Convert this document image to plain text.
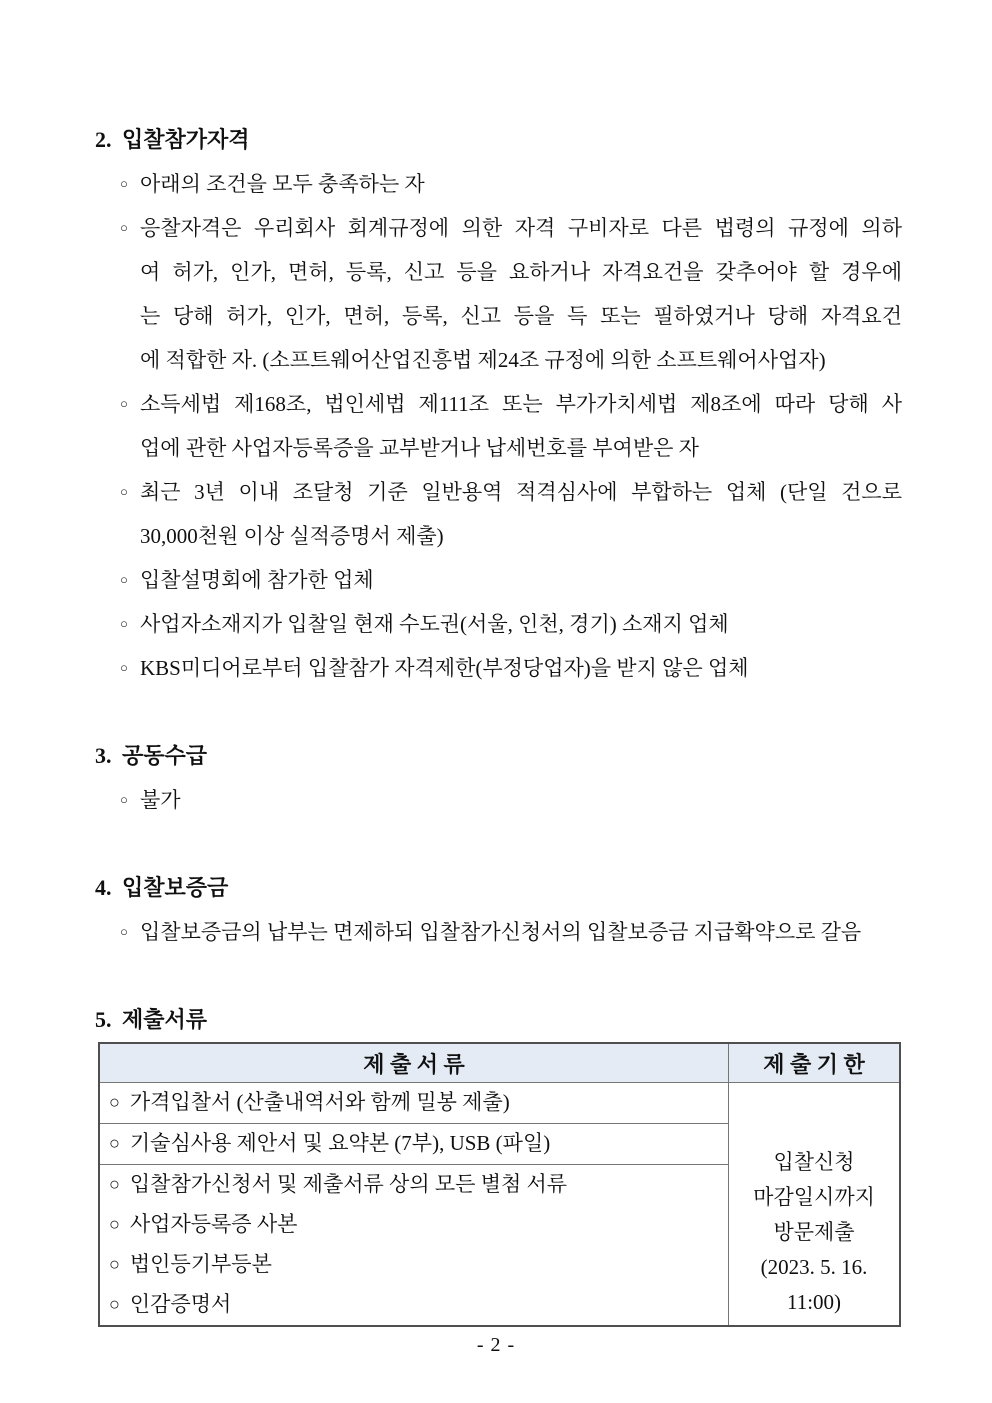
2. 입찰참가자격
○ 아래의 조건을 모두 충족하는 자
○ 응찰자격은 우리회사 회계규정에 의한 자격 구비자로 다른 법령의 규정에 의하
여 허가, 인가, 면허, 등록, 신고 등을 요하거나 자격요건을 갖추어야 할 경우에
는 당해 허가, 인가, 면허, 등록, 신고 등을 득 또는 필하였거나 당해 자격요건
에 적합한 자. (소프트웨어산업진흥법 제24조 규정에 의한 소프트웨어사업자)
○ 소득세법 제168조, 법인세법 제111조 또는 부가가치세법 제8조에 따라 당해 사
업에 관한 사업자등록증을 교부받거나 납세번호를 부여받은 자
○ 최근 3년 이내 조달청 기준 일반용역 적격심사에 부합하는 업체 (단일 건으로
30,000천원 이상 실적증명서 제출)
○ 입찰설명회에 참가한 업체
○ 사업자소재지가 입찰일 현재 수도권(서울, 인천, 경기) 소재지 업체
○ KBS미디어로부터 입찰참가 자격제한(부정당업자)을 받지 않은 업체
3. 공동수급
○ 불가
4. 입찰보증금
○ 입찰보증금의 납부는 면제하되 입찰참가신청서의 입찰보증금 지급확약으로 갈음
5. 제출서류
제 출 서 류	제 출 기 한

○ 가격입찰서 (산출내역서와 함께 밀봉 제출)	입찰신청
마감일시까지
방문제출
(2023. 5. 16.
11:00)

○ 기술심사용 제안서 및 요약본 (7부), USB (파일)	

○ 입찰참가신청서 및 제출서류 상의 모든 별첨 서류
○ 사업자등록증 사본
○ 법인등기부등본
○ 인감증명서	
- 2 -
